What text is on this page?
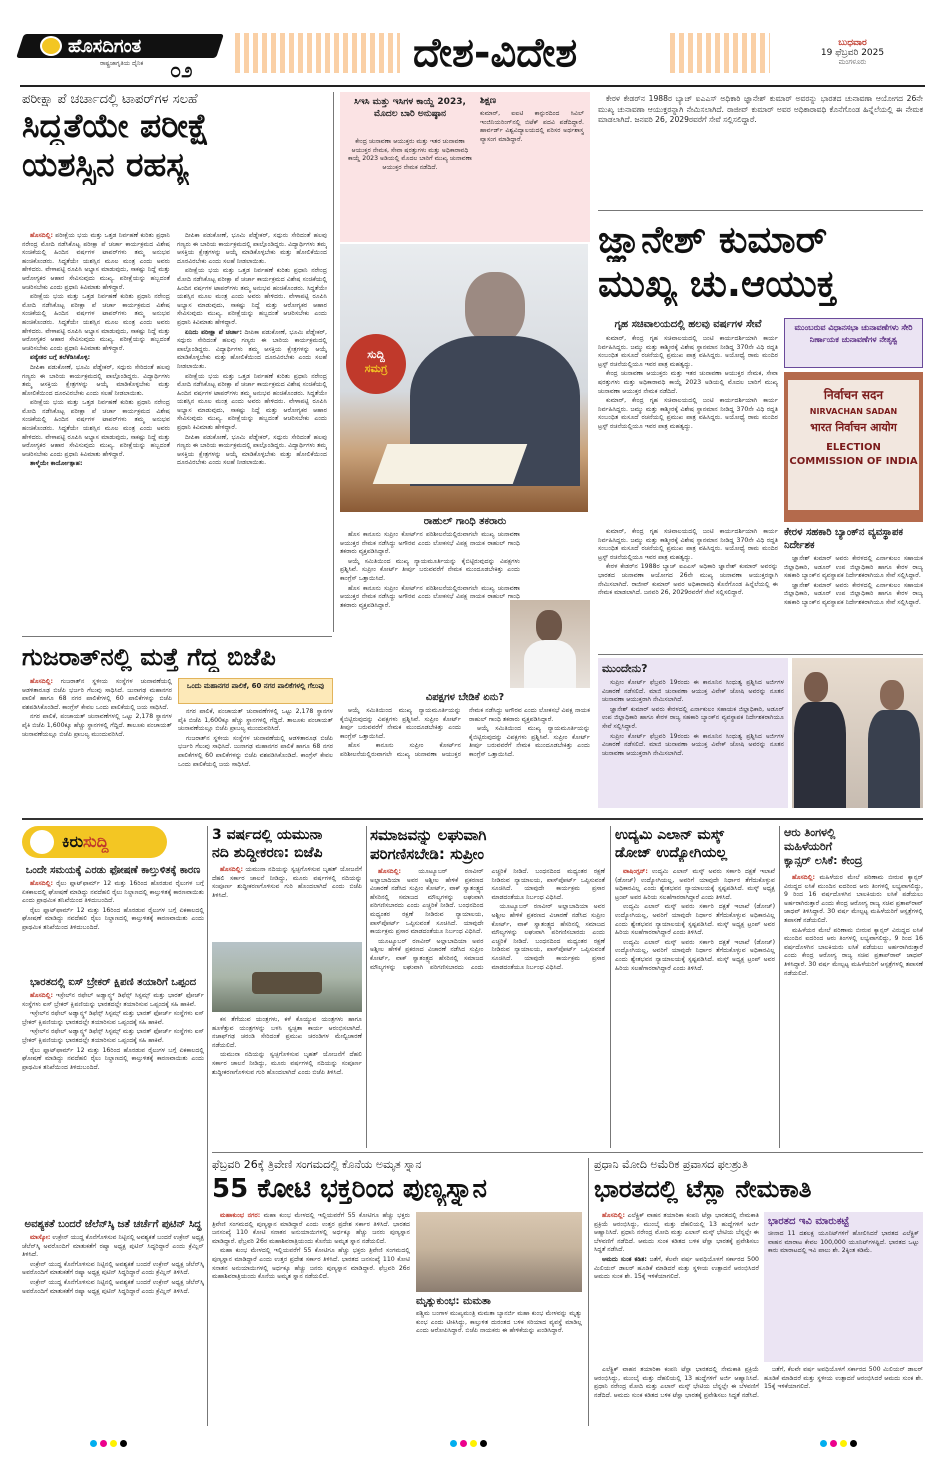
ಹೊಸದಿಗಂತ
ರಾಷ್ಟ್ರಜಾಗೃತಿಯ ದೈನಿಕ ೦೨	ದೇಶ-ವಿದೇಶ	ಬುಧವಾರ
19 ಫೆಬ್ರವರಿ 2025
ಮಂಗಳೂರು
ಪರೀಕ್ಷಾ ಪೆ ಚರ್ಚಾದಲ್ಲಿ ಟಾಪರ್‌ಗಳ ಸಲಹೆ
ಸಿದ್ಧತೆಯೇ ಪರೀಕ್ಷೆ
ಯಶಸ್ಸಿನ ರಹಸ್ಯ

ಹೊಸದಿಲ್ಲಿ: ಪರೀಕ್ಷೆಯ ಭಯ ಮತ್ತು ಒತ್ತಡ ನಿರ್ವಹಣೆ ಕುರಿತು ಪ್ರಧಾನಿ ನರೇಂದ್ರ ಮೋದಿ ನಡೆಸಿಕೊಟ್ಟ ಪರೀಕ್ಷಾ ಪೆ ಚರ್ಚಾ ಕಾರ್ಯಕ್ರಮದ ವಿಶೇಷ ಸಂಚಿಕೆಯಲ್ಲಿ ಹಿಂದಿನ ವರ್ಷಗಳ ಟಾಪರ್‌ಗಳು ತಮ್ಮ ಅನುಭವ ಹಂಚಿಕೊಂಡರು. ಸಿದ್ಧತೆಯೇ ಯಶಸ್ಸಿನ ಮೂಲ ಮಂತ್ರ ಎಂದು ಅವರು ಹೇಳಿದರು. ವೇಳಾಪಟ್ಟಿ ರೂಪಿಸಿ ಅಭ್ಯಾಸ ಮಾಡುವುದು, ಸಾಕಷ್ಟು ನಿದ್ದೆ ಮತ್ತು ಆರೋಗ್ಯಕರ ಆಹಾರ ಸೇವಿಸುವುದು ಮುಖ್ಯ. ಪರೀಕ್ಷೆಯನ್ನು ಹಬ್ಬದಂತೆ ಆಚರಿಸಬೇಕು ಎಂದು ಪ್ರಧಾನಿ ಕಿವಿಮಾತು ಹೇಳಿದ್ದಾರೆ.

ಪರೀಕ್ಷೆಯ ಭಯ ಮತ್ತು ಒತ್ತಡ ನಿರ್ವಹಣೆ ಕುರಿತು ಪ್ರಧಾನಿ ನರೇಂದ್ರ ಮೋದಿ ನಡೆಸಿಕೊಟ್ಟ ಪರೀಕ್ಷಾ ಪೆ ಚರ್ಚಾ ಕಾರ್ಯಕ್ರಮದ ವಿಶೇಷ ಸಂಚಿಕೆಯಲ್ಲಿ ಹಿಂದಿನ ವರ್ಷಗಳ ಟಾಪರ್‌ಗಳು ತಮ್ಮ ಅನುಭವ ಹಂಚಿಕೊಂಡರು. ಸಿದ್ಧತೆಯೇ ಯಶಸ್ಸಿನ ಮೂಲ ಮಂತ್ರ ಎಂದು ಅವರು ಹೇಳಿದರು. ವೇಳಾಪಟ್ಟಿ ರೂಪಿಸಿ ಅಭ್ಯಾಸ ಮಾಡುವುದು, ಸಾಕಷ್ಟು ನಿದ್ದೆ ಮತ್ತು ಆರೋಗ್ಯಕರ ಆಹಾರ ಸೇವಿಸುವುದು ಮುಖ್ಯ. ಪರೀಕ್ಷೆಯನ್ನು ಹಬ್ಬದಂತೆ ಆಚರಿಸಬೇಕು ಎಂದು ಪ್ರಧಾನಿ ಕಿವಿಮಾತು ಹೇಳಿದ್ದಾರೆ.

ಪಠ್ಯೇತರ ಬಗ್ಗೆ ತಲೆಕೆಡಿಸಿಕೊಳ್ಳಿ:

ದೀಪಿಕಾ ಪಡುಕೋಣೆ, ಭೂಮಿ ಪೆಡ್ನೇಕರ್, ಸದ್ಗುರು ಸೇರಿದಂತೆ ಹಲವು ಗಣ್ಯರು ಈ ಬಾರಿಯ ಕಾರ್ಯಕ್ರಮದಲ್ಲಿ ಪಾಲ್ಗೊಂಡಿದ್ದರು. ವಿದ್ಯಾರ್ಥಿಗಳು ತಮ್ಮ ಆಸಕ್ತಿಯ ಕ್ಷೇತ್ರಗಳನ್ನು ಆಯ್ಕೆ ಮಾಡಿಕೊಳ್ಳಬೇಕು ಮತ್ತು ಹೋಲಿಕೆಯಿಂದ ದೂರವಿರಬೇಕು ಎಂದು ಸಲಹೆ ನೀಡಲಾಯಿತು.

ಪರೀಕ್ಷೆಯ ಭಯ ಮತ್ತು ಒತ್ತಡ ನಿರ್ವಹಣೆ ಕುರಿತು ಪ್ರಧಾನಿ ನರೇಂದ್ರ ಮೋದಿ ನಡೆಸಿಕೊಟ್ಟ ಪರೀಕ್ಷಾ ಪೆ ಚರ್ಚಾ ಕಾರ್ಯಕ್ರಮದ ವಿಶೇಷ ಸಂಚಿಕೆಯಲ್ಲಿ ಹಿಂದಿನ ವರ್ಷಗಳ ಟಾಪರ್‌ಗಳು ತಮ್ಮ ಅನುಭವ ಹಂಚಿಕೊಂಡರು. ಸಿದ್ಧತೆಯೇ ಯಶಸ್ಸಿನ ಮೂಲ ಮಂತ್ರ ಎಂದು ಅವರು ಹೇಳಿದರು. ವೇಳಾಪಟ್ಟಿ ರೂಪಿಸಿ ಅಭ್ಯಾಸ ಮಾಡುವುದು, ಸಾಕಷ್ಟು ನಿದ್ದೆ ಮತ್ತು ಆರೋಗ್ಯಕರ ಆಹಾರ ಸೇವಿಸುವುದು ಮುಖ್ಯ. ಪರೀಕ್ಷೆಯನ್ನು ಹಬ್ಬದಂತೆ ಆಚರಿಸಬೇಕು ಎಂದು ಪ್ರಧಾನಿ ಕಿವಿಮಾತು ಹೇಳಿದ್ದಾರೆ.

ತಾಳ್ಮೆಯೇ ಕಾರ್ಯೋತ್ಸಾಹ:

ದೀಪಿಕಾ ಪಡುಕೋಣೆ, ಭೂಮಿ ಪೆಡ್ನೇಕರ್, ಸದ್ಗುರು ಸೇರಿದಂತೆ ಹಲವು ಗಣ್ಯರು ಈ ಬಾರಿಯ ಕಾರ್ಯಕ್ರಮದಲ್ಲಿ ಪಾಲ್ಗೊಂಡಿದ್ದರು. ವಿದ್ಯಾರ್ಥಿಗಳು ತಮ್ಮ ಆಸಕ್ತಿಯ ಕ್ಷೇತ್ರಗಳನ್ನು ಆಯ್ಕೆ ಮಾಡಿಕೊಳ್ಳಬೇಕು ಮತ್ತು ಹೋಲಿಕೆಯಿಂದ ದೂರವಿರಬೇಕು ಎಂದು ಸಲಹೆ ನೀಡಲಾಯಿತು.

ಪರೀಕ್ಷೆಯ ಭಯ ಮತ್ತು ಒತ್ತಡ ನಿರ್ವಹಣೆ ಕುರಿತು ಪ್ರಧಾನಿ ನರೇಂದ್ರ ಮೋದಿ ನಡೆಸಿಕೊಟ್ಟ ಪರೀಕ್ಷಾ ಪೆ ಚರ್ಚಾ ಕಾರ್ಯಕ್ರಮದ ವಿಶೇಷ ಸಂಚಿಕೆಯಲ್ಲಿ ಹಿಂದಿನ ವರ್ಷಗಳ ಟಾಪರ್‌ಗಳು ತಮ್ಮ ಅನುಭವ ಹಂಚಿಕೊಂಡರು. ಸಿದ್ಧತೆಯೇ ಯಶಸ್ಸಿನ ಮೂಲ ಮಂತ್ರ ಎಂದು ಅವರು ಹೇಳಿದರು. ವೇಳಾಪಟ್ಟಿ ರೂಪಿಸಿ ಅಭ್ಯಾಸ ಮಾಡುವುದು, ಸಾಕಷ್ಟು ನಿದ್ದೆ ಮತ್ತು ಆರೋಗ್ಯಕರ ಆಹಾರ ಸೇವಿಸುವುದು ಮುಖ್ಯ. ಪರೀಕ್ಷೆಯನ್ನು ಹಬ್ಬದಂತೆ ಆಚರಿಸಬೇಕು ಎಂದು ಪ್ರಧಾನಿ ಕಿವಿಮಾತು ಹೇಳಿದ್ದಾರೆ.

ಏನಿದು ಪರೀಕ್ಷಾ ಪೆ ಚರ್ಚಾ: ದೀಪಿಕಾ ಪಡುಕೋಣೆ, ಭೂಮಿ ಪೆಡ್ನೇಕರ್, ಸದ್ಗುರು ಸೇರಿದಂತೆ ಹಲವು ಗಣ್ಯರು ಈ ಬಾರಿಯ ಕಾರ್ಯಕ್ರಮದಲ್ಲಿ ಪಾಲ್ಗೊಂಡಿದ್ದರು. ವಿದ್ಯಾರ್ಥಿಗಳು ತಮ್ಮ ಆಸಕ್ತಿಯ ಕ್ಷೇತ್ರಗಳನ್ನು ಆಯ್ಕೆ ಮಾಡಿಕೊಳ್ಳಬೇಕು ಮತ್ತು ಹೋಲಿಕೆಯಿಂದ ದೂರವಿರಬೇಕು ಎಂದು ಸಲಹೆ ನೀಡಲಾಯಿತು.

ಪರೀಕ್ಷೆಯ ಭಯ ಮತ್ತು ಒತ್ತಡ ನಿರ್ವಹಣೆ ಕುರಿತು ಪ್ರಧಾನಿ ನರೇಂದ್ರ ಮೋದಿ ನಡೆಸಿಕೊಟ್ಟ ಪರೀಕ್ಷಾ ಪೆ ಚರ್ಚಾ ಕಾರ್ಯಕ್ರಮದ ವಿಶೇಷ ಸಂಚಿಕೆಯಲ್ಲಿ ಹಿಂದಿನ ವರ್ಷಗಳ ಟಾಪರ್‌ಗಳು ತಮ್ಮ ಅನುಭವ ಹಂಚಿಕೊಂಡರು. ಸಿದ್ಧತೆಯೇ ಯಶಸ್ಸಿನ ಮೂಲ ಮಂತ್ರ ಎಂದು ಅವರು ಹೇಳಿದರು. ವೇಳಾಪಟ್ಟಿ ರೂಪಿಸಿ ಅಭ್ಯಾಸ ಮಾಡುವುದು, ಸಾಕಷ್ಟು ನಿದ್ದೆ ಮತ್ತು ಆರೋಗ್ಯಕರ ಆಹಾರ ಸೇವಿಸುವುದು ಮುಖ್ಯ. ಪರೀಕ್ಷೆಯನ್ನು ಹಬ್ಬದಂತೆ ಆಚರಿಸಬೇಕು ಎಂದು ಪ್ರಧಾನಿ ಕಿವಿಮಾತು ಹೇಳಿದ್ದಾರೆ.

ದೀಪಿಕಾ ಪಡುಕೋಣೆ, ಭೂಮಿ ಪೆಡ್ನೇಕರ್, ಸದ್ಗುರು ಸೇರಿದಂತೆ ಹಲವು ಗಣ್ಯರು ಈ ಬಾರಿಯ ಕಾರ್ಯಕ್ರಮದಲ್ಲಿ ಪಾಲ್ಗೊಂಡಿದ್ದರು. ವಿದ್ಯಾರ್ಥಿಗಳು ತಮ್ಮ ಆಸಕ್ತಿಯ ಕ್ಷೇತ್ರಗಳನ್ನು ಆಯ್ಕೆ ಮಾಡಿಕೊಳ್ಳಬೇಕು ಮತ್ತು ಹೋಲಿಕೆಯಿಂದ ದೂರವಿರಬೇಕು ಎಂದು ಸಲಹೆ ನೀಡಲಾಯಿತು.

ಸಿಇಸಿ ಮತ್ತು ಇಸಿಗಳ ಕಾಯ್ದೆ 2023, ಮೊದಲ ಬಾರಿ ಅನುಷ್ಠಾನ
ಕೇಂದ್ರ ಚುನಾವಣಾ ಆಯುಕ್ತರು ಮತ್ತು ಇತರ ಚುನಾವಣಾ ಆಯುಕ್ತರ ನೇಮಕ, ಸೇವಾ ಷರತ್ತುಗಳು ಮತ್ತು ಅಧಿಕಾರಾವಧಿ ಕಾಯ್ದೆ 2023 ಅಡಿಯಲ್ಲಿ ಮೊದಲ ಬಾರಿಗೆ ಮುಖ್ಯ ಚುನಾವಣಾ ಆಯುಕ್ತರ ನೇಮಕ ನಡೆದಿದೆ.
ಶಿಕ್ಷಣ
ಕುಮಾರ್, ಐಐಟಿ ಕಾನ್ಪುರದಿಂದ ಸಿವಿಲ್ ಇಂಜಿನಿಯರಿಂಗ್‌ನಲ್ಲಿ ಬಿಟೆಕ್ ಪದವಿ ಪಡೆದಿದ್ದಾರೆ. ಹಾರ್ವರ್ಡ್ ವಿಶ್ವವಿದ್ಯಾಲಯದಲ್ಲಿ ಪರಿಸರ ಅರ್ಥಶಾಸ್ತ್ರ ವ್ಯಾಸಂಗ ಮಾಡಿದ್ದಾರೆ.

ಕೇರಳ ಕೇಡರ್‌ನ 1988ರ ಬ್ಯಾಚ್ ಐಎಎಸ್ ಅಧಿಕಾರಿ ಜ್ಞಾನೇಶ್ ಕುಮಾರ್ ಅವರನ್ನು ಭಾರತದ ಚುನಾವಣಾ ಆಯೋಗದ 26ನೇ ಮುಖ್ಯ ಚುನಾವಣಾ ಆಯುಕ್ತರನ್ನಾಗಿ ನೇಮಿಸಲಾಗಿದೆ. ರಾಜೀವ್ ಕುಮಾರ್ ಅವರ ಅಧಿಕಾರಾವಧಿ ಕೊನೆಗೊಂಡ ಹಿನ್ನೆಲೆಯಲ್ಲಿ ಈ ನೇಮಕ ಮಾಡಲಾಗಿದೆ. ಜನವರಿ 26, 2029ರವರೆಗೆ ಸೇವೆ ಸಲ್ಲಿಸಲಿದ್ದಾರೆ.

ಜ್ಞಾನೇಶ್ ಕುಮಾರ್
ಮುಖ್ಯ ಚು.ಆಯುಕ್ತ
ಸುದ್ದಿ
ಸಮಗ್ರ
ಗೃಹ ಸಚಿವಾಲಯದಲ್ಲಿ ಹಲವು ವರ್ಷಗಳ ಸೇವೆ

ಕುಮಾರ್, ಕೇಂದ್ರ ಗೃಹ ಸಚಿವಾಲಯದಲ್ಲಿ ಜಂಟಿ ಕಾರ್ಯದರ್ಶಿಯಾಗಿ ಕಾರ್ಯ ನಿರ್ವಹಿಸಿದ್ದರು. ಜಮ್ಮು ಮತ್ತು ಕಾಶ್ಮೀರಕ್ಕೆ ವಿಶೇಷ ಸ್ಥಾನಮಾನ ನೀಡಿದ್ದ 370ನೇ ವಿಧಿ ರದ್ದತಿ ಸಂಬಂಧಿತ ಮಸೂದೆ ರಚನೆಯಲ್ಲಿ ಪ್ರಮುಖ ಪಾತ್ರ ವಹಿಸಿದ್ದರು. ಅಯೋಧ್ಯೆ ರಾಮ ಮಂದಿರ ಟ್ರಸ್ಟ್ ರಚನೆಯಲ್ಲಿಯೂ ಇವರ ಪಾತ್ರ ಮಹತ್ವದ್ದು.

ಕೇಂದ್ರ ಚುನಾವಣಾ ಆಯುಕ್ತರು ಮತ್ತು ಇತರ ಚುನಾವಣಾ ಆಯುಕ್ತರ ನೇಮಕ, ಸೇವಾ ಷರತ್ತುಗಳು ಮತ್ತು ಅಧಿಕಾರಾವಧಿ ಕಾಯ್ದೆ 2023 ಅಡಿಯಲ್ಲಿ ಮೊದಲ ಬಾರಿಗೆ ಮುಖ್ಯ ಚುನಾವಣಾ ಆಯುಕ್ತರ ನೇಮಕ ನಡೆದಿದೆ.

ಕುಮಾರ್, ಕೇಂದ್ರ ಗೃಹ ಸಚಿವಾಲಯದಲ್ಲಿ ಜಂಟಿ ಕಾರ್ಯದರ್ಶಿಯಾಗಿ ಕಾರ್ಯ ನಿರ್ವಹಿಸಿದ್ದರು. ಜಮ್ಮು ಮತ್ತು ಕಾಶ್ಮೀರಕ್ಕೆ ವಿಶೇಷ ಸ್ಥಾನಮಾನ ನೀಡಿದ್ದ 370ನೇ ವಿಧಿ ರದ್ದತಿ ಸಂಬಂಧಿತ ಮಸೂದೆ ರಚನೆಯಲ್ಲಿ ಪ್ರಮುಖ ಪಾತ್ರ ವಹಿಸಿದ್ದರು. ಅಯೋಧ್ಯೆ ರಾಮ ಮಂದಿರ ಟ್ರಸ್ಟ್ ರಚನೆಯಲ್ಲಿಯೂ ಇವರ ಪಾತ್ರ ಮಹತ್ವದ್ದು.

ಮುಂಬರುವ ವಿಧಾನಸಭಾ ಚುನಾವಣೆಗಳು ಸೇರಿ ನಿರ್ಣಾಯಕ ಚುನಾವಣೆಗಳ ನೇತೃತ್ವ
निर्वाचन सदन
NIRVACHAN SADAN
भारत निर्वाचन आयोग
ELECTION COMMISSION OF INDIA
ರಾಹುಲ್ ಗಾಂಧಿ ತಕರಾರು

ಹೊಸ ಕಾನೂನು ಸುಪ್ರೀಂ ಕೋರ್ಟ್‌ನ ಪರಿಶೀಲನೆಯಲ್ಲಿರುವಾಗಲೇ ಮುಖ್ಯ ಚುನಾವಣಾ ಆಯುಕ್ತರ ನೇಮಕ ನಡೆಸಿದ್ದು ಅಗೌರವ ಎಂದು ಲೋಕಸಭೆ ವಿಪಕ್ಷ ನಾಯಕ ರಾಹುಲ್ ಗಾಂಧಿ ತಕರಾರು ವ್ಯಕ್ತಪಡಿಸಿದ್ದಾರೆ.

ಆಯ್ಕೆ ಸಮಿತಿಯಿಂದ ಮುಖ್ಯ ನ್ಯಾಯಮೂರ್ತಿಯನ್ನು ಕೈಬಿಟ್ಟಿರುವುದನ್ನು ವಿಪಕ್ಷಗಳು ಪ್ರಶ್ನಿಸಿವೆ. ಸುಪ್ರೀಂ ಕೋರ್ಟ್ ತೀರ್ಪು ಬರುವವರೆಗೆ ನೇಮಕ ಮುಂದೂಡಬೇಕಿತ್ತು ಎಂದು ಕಾಂಗ್ರೆಸ್ ಒತ್ತಾಯಿಸಿದೆ.

ಹೊಸ ಕಾನೂನು ಸುಪ್ರೀಂ ಕೋರ್ಟ್‌ನ ಪರಿಶೀಲನೆಯಲ್ಲಿರುವಾಗಲೇ ಮುಖ್ಯ ಚುನಾವಣಾ ಆಯುಕ್ತರ ನೇಮಕ ನಡೆಸಿದ್ದು ಅಗೌರವ ಎಂದು ಲೋಕಸಭೆ ವಿಪಕ್ಷ ನಾಯಕ ರಾಹುಲ್ ಗಾಂಧಿ ತಕರಾರು ವ್ಯಕ್ತಪಡಿಸಿದ್ದಾರೆ.

ವಿಪಕ್ಷಗಳ ಬೇಡಿಕೆ ಏನು?

ಆಯ್ಕೆ ಸಮಿತಿಯಿಂದ ಮುಖ್ಯ ನ್ಯಾಯಮೂರ್ತಿಯನ್ನು ಕೈಬಿಟ್ಟಿರುವುದನ್ನು ವಿಪಕ್ಷಗಳು ಪ್ರಶ್ನಿಸಿವೆ. ಸುಪ್ರೀಂ ಕೋರ್ಟ್ ತೀರ್ಪು ಬರುವವರೆಗೆ ನೇಮಕ ಮುಂದೂಡಬೇಕಿತ್ತು ಎಂದು ಕಾಂಗ್ರೆಸ್ ಒತ್ತಾಯಿಸಿದೆ.

ಹೊಸ ಕಾನೂನು ಸುಪ್ರೀಂ ಕೋರ್ಟ್‌ನ ಪರಿಶೀಲನೆಯಲ್ಲಿರುವಾಗಲೇ ಮುಖ್ಯ ಚುನಾವಣಾ ಆಯುಕ್ತರ ನೇಮಕ ನಡೆಸಿದ್ದು ಅಗೌರವ ಎಂದು ಲೋಕಸಭೆ ವಿಪಕ್ಷ ನಾಯಕ ರಾಹುಲ್ ಗಾಂಧಿ ತಕರಾರು ವ್ಯಕ್ತಪಡಿಸಿದ್ದಾರೆ.

ಆಯ್ಕೆ ಸಮಿತಿಯಿಂದ ಮುಖ್ಯ ನ್ಯಾಯಮೂರ್ತಿಯನ್ನು ಕೈಬಿಟ್ಟಿರುವುದನ್ನು ವಿಪಕ್ಷಗಳು ಪ್ರಶ್ನಿಸಿವೆ. ಸುಪ್ರೀಂ ಕೋರ್ಟ್ ತೀರ್ಪು ಬರುವವರೆಗೆ ನೇಮಕ ಮುಂದೂಡಬೇಕಿತ್ತು ಎಂದು ಕಾಂಗ್ರೆಸ್ ಒತ್ತಾಯಿಸಿದೆ.

ಕುಮಾರ್, ಕೇಂದ್ರ ಗೃಹ ಸಚಿವಾಲಯದಲ್ಲಿ ಜಂಟಿ ಕಾರ್ಯದರ್ಶಿಯಾಗಿ ಕಾರ್ಯ ನಿರ್ವಹಿಸಿದ್ದರು. ಜಮ್ಮು ಮತ್ತು ಕಾಶ್ಮೀರಕ್ಕೆ ವಿಶೇಷ ಸ್ಥಾನಮಾನ ನೀಡಿದ್ದ 370ನೇ ವಿಧಿ ರದ್ದತಿ ಸಂಬಂಧಿತ ಮಸೂದೆ ರಚನೆಯಲ್ಲಿ ಪ್ರಮುಖ ಪಾತ್ರ ವಹಿಸಿದ್ದರು. ಅಯೋಧ್ಯೆ ರಾಮ ಮಂದಿರ ಟ್ರಸ್ಟ್ ರಚನೆಯಲ್ಲಿಯೂ ಇವರ ಪಾತ್ರ ಮಹತ್ವದ್ದು.

ಕೇರಳ ಕೇಡರ್‌ನ 1988ರ ಬ್ಯಾಚ್ ಐಎಎಸ್ ಅಧಿಕಾರಿ ಜ್ಞಾನೇಶ್ ಕುಮಾರ್ ಅವರನ್ನು ಭಾರತದ ಚುನಾವಣಾ ಆಯೋಗದ 26ನೇ ಮುಖ್ಯ ಚುನಾವಣಾ ಆಯುಕ್ತರನ್ನಾಗಿ ನೇಮಿಸಲಾಗಿದೆ. ರಾಜೀವ್ ಕುಮಾರ್ ಅವರ ಅಧಿಕಾರಾವಧಿ ಕೊನೆಗೊಂಡ ಹಿನ್ನೆಲೆಯಲ್ಲಿ ಈ ನೇಮಕ ಮಾಡಲಾಗಿದೆ. ಜನವರಿ 26, 2029ರವರೆಗೆ ಸೇವೆ ಸಲ್ಲಿಸಲಿದ್ದಾರೆ.

ಕೇರಳ ಸಹಕಾರಿ ಬ್ಯಾಂಕ್‌ನ ವ್ಯವಸ್ಥಾಪಕ ನಿರ್ದೇಶಕ

ಜ್ಞಾನೇಶ್ ಕುಮಾರ್ ಅವರು ಕೇರಳದಲ್ಲಿ ಎರ್ನಾಕುಲಂ ಸಹಾಯಕ ಜಿಲ್ಲಾಧಿಕಾರಿ, ಅಡೂರ್ ಉಪ ಜಿಲ್ಲಾಧಿಕಾರಿ ಹಾಗೂ ಕೇರಳ ರಾಜ್ಯ ಸಹಕಾರಿ ಬ್ಯಾಂಕ್‌ನ ವ್ಯವಸ್ಥಾಪಕ ನಿರ್ದೇಶಕರಾಗಿಯೂ ಸೇವೆ ಸಲ್ಲಿಸಿದ್ದಾರೆ.

ಜ್ಞಾನೇಶ್ ಕುಮಾರ್ ಅವರು ಕೇರಳದಲ್ಲಿ ಎರ್ನಾಕುಲಂ ಸಹಾಯಕ ಜಿಲ್ಲಾಧಿಕಾರಿ, ಅಡೂರ್ ಉಪ ಜಿಲ್ಲಾಧಿಕಾರಿ ಹಾಗೂ ಕೇರಳ ರಾಜ್ಯ ಸಹಕಾರಿ ಬ್ಯಾಂಕ್‌ನ ವ್ಯವಸ್ಥಾಪಕ ನಿರ್ದೇಶಕರಾಗಿಯೂ ಸೇವೆ ಸಲ್ಲಿಸಿದ್ದಾರೆ.

ಮುಂದೇನು?

ಸುಪ್ರೀಂ ಕೋರ್ಟ್ ಫೆಬ್ರವರಿ 19ರಂದು ಈ ಕಾನೂನಿನ ಸಿಂಧುತ್ವ ಪ್ರಶ್ನಿಸಿದ ಅರ್ಜಿಗಳ ವಿಚಾರಣೆ ನಡೆಸಲಿದೆ. ಮಾಜಿ ಚುನಾವಣಾ ಆಯುಕ್ತ ವಿವೇಕ್ ಜೋಷಿ ಅವರನ್ನು ನೂತನ ಚುನಾವಣಾ ಆಯುಕ್ತರಾಗಿ ನೇಮಿಸಲಾಗಿದೆ.

ಜ್ಞಾನೇಶ್ ಕುಮಾರ್ ಅವರು ಕೇರಳದಲ್ಲಿ ಎರ್ನಾಕುಲಂ ಸಹಾಯಕ ಜಿಲ್ಲಾಧಿಕಾರಿ, ಅಡೂರ್ ಉಪ ಜಿಲ್ಲಾಧಿಕಾರಿ ಹಾಗೂ ಕೇರಳ ರಾಜ್ಯ ಸಹಕಾರಿ ಬ್ಯಾಂಕ್‌ನ ವ್ಯವಸ್ಥಾಪಕ ನಿರ್ದೇಶಕರಾಗಿಯೂ ಸೇವೆ ಸಲ್ಲಿಸಿದ್ದಾರೆ.

ಸುಪ್ರೀಂ ಕೋರ್ಟ್ ಫೆಬ್ರವರಿ 19ರಂದು ಈ ಕಾನೂನಿನ ಸಿಂಧುತ್ವ ಪ್ರಶ್ನಿಸಿದ ಅರ್ಜಿಗಳ ವಿಚಾರಣೆ ನಡೆಸಲಿದೆ. ಮಾಜಿ ಚುನಾವಣಾ ಆಯುಕ್ತ ವಿವೇಕ್ ಜೋಷಿ ಅವರನ್ನು ನೂತನ ಚುನಾವಣಾ ಆಯುಕ್ತರಾಗಿ ನೇಮಿಸಲಾಗಿದೆ.

ಗುಜರಾತ್‌ನಲ್ಲಿ ಮತ್ತೆ ಗೆದ್ದ ಬಿಜೆಪಿ

ಹೊಸದಿಲ್ಲಿ: ಗುಜರಾತ್‌ನ ಸ್ಥಳೀಯ ಸಂಸ್ಥೆಗಳ ಚುನಾವಣೆಯಲ್ಲಿ ಆಡಳಿತಾರೂಢ ಬಿಜೆಪಿ ಭರ್ಜರಿ ಗೆಲುವು ಸಾಧಿಸಿದೆ. ಜುನಾಗಢ ಮಹಾನಗರ ಪಾಲಿಕೆ ಹಾಗೂ 68 ನಗರ ಪಾಲಿಕೆಗಳಲ್ಲಿ 60 ಪಾಲಿಕೆಗಳನ್ನು ಬಿಜೆಪಿ ವಶಪಡಿಸಿಕೊಂಡಿದೆ. ಕಾಂಗ್ರೆಸ್ ಕೇವಲ ಒಂದು ಪಾಲಿಕೆಯಲ್ಲಿ ಜಯ ಸಾಧಿಸಿದೆ.

ನಗರ ಪಾಲಿಕೆ, ಪಂಚಾಯತ್ ಚುನಾವಣೆಗಳಲ್ಲಿ ಒಟ್ಟು 2,178 ಸ್ಥಾನಗಳ ಪೈಕಿ ಬಿಜೆಪಿ 1,600ಕ್ಕೂ ಹೆಚ್ಚು ಸ್ಥಾನಗಳಲ್ಲಿ ಗೆದ್ದಿದೆ. ತಾಲೂಕು ಪಂಚಾಯತ್ ಚುನಾವಣೆಯಲ್ಲೂ ಬಿಜೆಪಿ ಪ್ರಾಬಲ್ಯ ಮುಂದುವರಿಸಿದೆ.

ಒಂದು ಮಹಾನಗರ ಪಾಲಿಕೆ, 60 ನಗರ ಪಾಲಿಕೆಗಳಲ್ಲಿ ಗೆಲುವು

ನಗರ ಪಾಲಿಕೆ, ಪಂಚಾಯತ್ ಚುನಾವಣೆಗಳಲ್ಲಿ ಒಟ್ಟು 2,178 ಸ್ಥಾನಗಳ ಪೈಕಿ ಬಿಜೆಪಿ 1,600ಕ್ಕೂ ಹೆಚ್ಚು ಸ್ಥಾನಗಳಲ್ಲಿ ಗೆದ್ದಿದೆ. ತಾಲೂಕು ಪಂಚಾಯತ್ ಚುನಾವಣೆಯಲ್ಲೂ ಬಿಜೆಪಿ ಪ್ರಾಬಲ್ಯ ಮುಂದುವರಿಸಿದೆ.

ಗುಜರಾತ್‌ನ ಸ್ಥಳೀಯ ಸಂಸ್ಥೆಗಳ ಚುನಾವಣೆಯಲ್ಲಿ ಆಡಳಿತಾರೂಢ ಬಿಜೆಪಿ ಭರ್ಜರಿ ಗೆಲುವು ಸಾಧಿಸಿದೆ. ಜುನಾಗಢ ಮಹಾನಗರ ಪಾಲಿಕೆ ಹಾಗೂ 68 ನಗರ ಪಾಲಿಕೆಗಳಲ್ಲಿ 60 ಪಾಲಿಕೆಗಳನ್ನು ಬಿಜೆಪಿ ವಶಪಡಿಸಿಕೊಂಡಿದೆ. ಕಾಂಗ್ರೆಸ್ ಕೇವಲ ಒಂದು ಪಾಲಿಕೆಯಲ್ಲಿ ಜಯ ಸಾಧಿಸಿದೆ.

ಕಿರುಸುದ್ದಿ
ಒಂದೇ ಸಮಯಕ್ಕೆ ಎರಡು ಫೋಷಣೆ ಕಾಲ್ತುಳಿತಕ್ಕೆ ಕಾರಣ

ಹೊಸದಿಲ್ಲಿ: ರೈಲು ಪ್ಲಾಟ್‌ಫಾರ್ಮ್ 12 ಮತ್ತು 16ರಿಂದ ಹೊರಡುವ ರೈಲುಗಳ ಬಗ್ಗೆ ಏಕಕಾಲದಲ್ಲಿ ಘೋಷಣೆ ಮಾಡಿದ್ದು ನವದೆಹಲಿ ರೈಲು ನಿಲ್ದಾಣದಲ್ಲಿ ಕಾಲ್ತುಳಿತಕ್ಕೆ ಕಾರಣವಾಯಿತು ಎಂದು ಪ್ರಾಥಮಿಕ ತನಿಖೆಯಿಂದ ತಿಳಿದುಬಂದಿದೆ.

ರೈಲು ಪ್ಲಾಟ್‌ಫಾರ್ಮ್ 12 ಮತ್ತು 16ರಿಂದ ಹೊರಡುವ ರೈಲುಗಳ ಬಗ್ಗೆ ಏಕಕಾಲದಲ್ಲಿ ಘೋಷಣೆ ಮಾಡಿದ್ದು ನವದೆಹಲಿ ರೈಲು ನಿಲ್ದಾಣದಲ್ಲಿ ಕಾಲ್ತುಳಿತಕ್ಕೆ ಕಾರಣವಾಯಿತು ಎಂದು ಪ್ರಾಥಮಿಕ ತನಿಖೆಯಿಂದ ತಿಳಿದುಬಂದಿದೆ.

ಭಾರತದಲ್ಲಿ ಐಸ್ ಬ್ರೇಕರ್ ಕ್ಷಿಪಣಿ ತಯಾರಿಗೆ ಒಪ್ಪಂದ

ಹೊಸದಿಲ್ಲಿ: ಇಸ್ರೇಲ್‌ನ ರಫೇಲ್ ಅಡ್ವಾನ್ಸ್ಡ್ ಡಿಫೆನ್ಸ್ ಸಿಸ್ಟಮ್ಸ್ ಮತ್ತು ಭಾರತ್ ಫೋರ್ಜ್ ಸಂಸ್ಥೆಗಳು ಐಸ್ ಬ್ರೇಕರ್ ಕ್ಷಿಪಣಿಯನ್ನು ಭಾರತದಲ್ಲೇ ತಯಾರಿಸುವ ಒಪ್ಪಂದಕ್ಕೆ ಸಹಿ ಹಾಕಿವೆ.

ಇಸ್ರೇಲ್‌ನ ರಫೇಲ್ ಅಡ್ವಾನ್ಸ್ಡ್ ಡಿಫೆನ್ಸ್ ಸಿಸ್ಟಮ್ಸ್ ಮತ್ತು ಭಾರತ್ ಫೋರ್ಜ್ ಸಂಸ್ಥೆಗಳು ಐಸ್ ಬ್ರೇಕರ್ ಕ್ಷಿಪಣಿಯನ್ನು ಭಾರತದಲ್ಲೇ ತಯಾರಿಸುವ ಒಪ್ಪಂದಕ್ಕೆ ಸಹಿ ಹಾಕಿವೆ.

ಇಸ್ರೇಲ್‌ನ ರಫೇಲ್ ಅಡ್ವಾನ್ಸ್ಡ್ ಡಿಫೆನ್ಸ್ ಸಿಸ್ಟಮ್ಸ್ ಮತ್ತು ಭಾರತ್ ಫೋರ್ಜ್ ಸಂಸ್ಥೆಗಳು ಐಸ್ ಬ್ರೇಕರ್ ಕ್ಷಿಪಣಿಯನ್ನು ಭಾರತದಲ್ಲೇ ತಯಾರಿಸುವ ಒಪ್ಪಂದಕ್ಕೆ ಸಹಿ ಹಾಕಿವೆ.

ರೈಲು ಪ್ಲಾಟ್‌ಫಾರ್ಮ್ 12 ಮತ್ತು 16ರಿಂದ ಹೊರಡುವ ರೈಲುಗಳ ಬಗ್ಗೆ ಏಕಕಾಲದಲ್ಲಿ ಘೋಷಣೆ ಮಾಡಿದ್ದು ನವದೆಹಲಿ ರೈಲು ನಿಲ್ದಾಣದಲ್ಲಿ ಕಾಲ್ತುಳಿತಕ್ಕೆ ಕಾರಣವಾಯಿತು ಎಂದು ಪ್ರಾಥಮಿಕ ತನಿಖೆಯಿಂದ ತಿಳಿದುಬಂದಿದೆ.

ಅವಶ್ಯಕತೆ ಬಂದರೆ ಜೆಲೆನ್‌ಸ್ಕಿ ಜತೆ ಚರ್ಚೆಗೆ ಪುಟಿನ್ ಸಿದ್ಧ

ಮಾಸ್ಕೋ: ಉಕ್ರೇನ್ ಯುದ್ಧ ಕೊನೆಗೊಳಿಸುವ ನಿಟ್ಟಿನಲ್ಲಿ ಅವಶ್ಯಕತೆ ಬಂದರೆ ಉಕ್ರೇನ್ ಅಧ್ಯಕ್ಷ ಜೆಲೆನ್‌ಸ್ಕಿ ಅವರೊಂದಿಗೆ ಮಾತುಕತೆಗೆ ರಷ್ಯಾ ಅಧ್ಯಕ್ಷ ಪುಟಿನ್ ಸಿದ್ಧರಿದ್ದಾರೆ ಎಂದು ಕ್ರೆಮ್ಲಿನ್ ತಿಳಿಸಿದೆ.

ಉಕ್ರೇನ್ ಯುದ್ಧ ಕೊನೆಗೊಳಿಸುವ ನಿಟ್ಟಿನಲ್ಲಿ ಅವಶ್ಯಕತೆ ಬಂದರೆ ಉಕ್ರೇನ್ ಅಧ್ಯಕ್ಷ ಜೆಲೆನ್‌ಸ್ಕಿ ಅವರೊಂದಿಗೆ ಮಾತುಕತೆಗೆ ರಷ್ಯಾ ಅಧ್ಯಕ್ಷ ಪುಟಿನ್ ಸಿದ್ಧರಿದ್ದಾರೆ ಎಂದು ಕ್ರೆಮ್ಲಿನ್ ತಿಳಿಸಿದೆ.

ಉಕ್ರೇನ್ ಯುದ್ಧ ಕೊನೆಗೊಳಿಸುವ ನಿಟ್ಟಿನಲ್ಲಿ ಅವಶ್ಯಕತೆ ಬಂದರೆ ಉಕ್ರೇನ್ ಅಧ್ಯಕ್ಷ ಜೆಲೆನ್‌ಸ್ಕಿ ಅವರೊಂದಿಗೆ ಮಾತುಕತೆಗೆ ರಷ್ಯಾ ಅಧ್ಯಕ್ಷ ಪುಟಿನ್ ಸಿದ್ಧರಿದ್ದಾರೆ ಎಂದು ಕ್ರೆಮ್ಲಿನ್ ತಿಳಿಸಿದೆ.

3 ವರ್ಷದಲ್ಲಿ ಯಮುನಾ
ನದಿ ಶುದ್ಧೀಕರಣ: ಬಿಜೆಪಿ

ಹೊಸದಿಲ್ಲಿ: ಯಮುನಾ ನದಿಯನ್ನು ಸ್ವಚ್ಛಗೊಳಿಸುವ ಬೃಹತ್ ಯೋಜನೆಗೆ ದೆಹಲಿ ಸರ್ಕಾರ ಚಾಲನೆ ನೀಡಿದ್ದು, ಮೂರು ವರ್ಷಗಳಲ್ಲಿ ನದಿಯನ್ನು ಸಂಪೂರ್ಣ ಶುದ್ಧೀಕರಣಗೊಳಿಸುವ ಗುರಿ ಹೊಂದಲಾಗಿದೆ ಎಂದು ಬಿಜೆಪಿ ತಿಳಿಸಿದೆ.

ಕಸ ತೆಗೆಯುವ ಯಂತ್ರಗಳು, ಕಳೆ ಕೊಯ್ಯುವ ಯಂತ್ರಗಳು ಹಾಗೂ ಹೂಳೆತ್ತುವ ಯಂತ್ರಗಳನ್ನು ಬಳಸಿ ಸ್ವಚ್ಛತಾ ಕಾರ್ಯ ಆರಂಭಿಸಲಾಗಿದೆ. ನಜಾಫ್‌ಗಢ ಚರಂಡಿ ಸೇರಿದಂತೆ ಪ್ರಮುಖ ಚರಂಡಿಗಳ ಮೇಲ್ವಿಚಾರಣೆ ನಡೆಯಲಿದೆ.

ಯಮುನಾ ನದಿಯನ್ನು ಸ್ವಚ್ಛಗೊಳಿಸುವ ಬೃಹತ್ ಯೋಜನೆಗೆ ದೆಹಲಿ ಸರ್ಕಾರ ಚಾಲನೆ ನೀಡಿದ್ದು, ಮೂರು ವರ್ಷಗಳಲ್ಲಿ ನದಿಯನ್ನು ಸಂಪೂರ್ಣ ಶುದ್ಧೀಕರಣಗೊಳಿಸುವ ಗುರಿ ಹೊಂದಲಾಗಿದೆ ಎಂದು ಬಿಜೆಪಿ ತಿಳಿಸಿದೆ.

ಸಮಾಜವನ್ನು ಲಘುವಾಗಿ
ಪರಿಗಣಿಸಬೇಡಿ: ಸುಪ್ರೀಂ

ಹೊಸದಿಲ್ಲಿ:	ಯೂಟ್ಯೂಬರ್ ರಣವೀರ್ ಅಲ್ಲಾಬಾದಿಯಾ ಅವರ ಅಶ್ಲೀಲ ಹೇಳಿಕೆ ಪ್ರಕರಣದ ವಿಚಾರಣೆ ನಡೆಸಿದ ಸುಪ್ರೀಂ ಕೋರ್ಟ್, ವಾಕ್ ಸ್ವಾತಂತ್ರ್ಯದ ಹೆಸರಿನಲ್ಲಿ ಸಮಾಜದ ಮೌಲ್ಯಗಳನ್ನು ಲಘುವಾಗಿ ಪರಿಗಣಿಸಬಾರದು ಎಂದು ಎಚ್ಚರಿಕೆ ನೀಡಿದೆ. ಬಂಧನದಿಂದ ಮಧ್ಯಂತರ ರಕ್ಷಣೆ ನೀಡಿರುವ ನ್ಯಾಯಾಲಯ, ಪಾಸ್‌ಪೋರ್ಟ್ ಒಪ್ಪಿಸುವಂತೆ ಸೂಚಿಸಿದೆ. ಯಾವುದೇ ಕಾರ್ಯಕ್ರಮ ಪ್ರಸಾರ ಮಾಡದಂತೆಯೂ ನಿರ್ಬಂಧ ವಿಧಿಸಿದೆ.

ಯೂಟ್ಯೂಬರ್ ರಣವೀರ್ ಅಲ್ಲಾಬಾದಿಯಾ ಅವರ ಅಶ್ಲೀಲ ಹೇಳಿಕೆ ಪ್ರಕರಣದ ವಿಚಾರಣೆ ನಡೆಸಿದ ಸುಪ್ರೀಂ ಕೋರ್ಟ್, ವಾಕ್ ಸ್ವಾತಂತ್ರ್ಯದ ಹೆಸರಿನಲ್ಲಿ ಸಮಾಜದ ಮೌಲ್ಯಗಳನ್ನು ಲಘುವಾಗಿ ಪರಿಗಣಿಸಬಾರದು ಎಂದು ಎಚ್ಚರಿಕೆ ನೀಡಿದೆ. ಬಂಧನದಿಂದ ಮಧ್ಯಂತರ ರಕ್ಷಣೆ ನೀಡಿರುವ ನ್ಯಾಯಾಲಯ, ಪಾಸ್‌ಪೋರ್ಟ್ ಒಪ್ಪಿಸುವಂತೆ ಸೂಚಿಸಿದೆ. ಯಾವುದೇ ಕಾರ್ಯಕ್ರಮ ಪ್ರಸಾರ ಮಾಡದಂತೆಯೂ ನಿರ್ಬಂಧ ವಿಧಿಸಿದೆ.

ಯೂಟ್ಯೂಬರ್ ರಣವೀರ್ ಅಲ್ಲಾಬಾದಿಯಾ ಅವರ ಅಶ್ಲೀಲ ಹೇಳಿಕೆ ಪ್ರಕರಣದ ವಿಚಾರಣೆ ನಡೆಸಿದ ಸುಪ್ರೀಂ ಕೋರ್ಟ್, ವಾಕ್ ಸ್ವಾತಂತ್ರ್ಯದ ಹೆಸರಿನಲ್ಲಿ ಸಮಾಜದ ಮೌಲ್ಯಗಳನ್ನು ಲಘುವಾಗಿ ಪರಿಗಣಿಸಬಾರದು ಎಂದು ಎಚ್ಚರಿಕೆ ನೀಡಿದೆ. ಬಂಧನದಿಂದ ಮಧ್ಯಂತರ ರಕ್ಷಣೆ ನೀಡಿರುವ ನ್ಯಾಯಾಲಯ, ಪಾಸ್‌ಪೋರ್ಟ್ ಒಪ್ಪಿಸುವಂತೆ ಸೂಚಿಸಿದೆ. ಯಾವುದೇ ಕಾರ್ಯಕ್ರಮ ಪ್ರಸಾರ ಮಾಡದಂತೆಯೂ ನಿರ್ಬಂಧ ವಿಧಿಸಿದೆ.

ಉದ್ಯಮಿ ಎಲಾನ್ ಮಸ್ಕ್
ಡೋಜ್ ಉದ್ಯೋಗಿಯಲ್ಲ

ವಾಷಿಂಗ್ಟನ್: ಉದ್ಯಮಿ ಎಲಾನ್ ಮಸ್ಕ್ ಅವರು ಸರ್ಕಾರಿ ದಕ್ಷತೆ ಇಲಾಖೆ (ಡೋಜ್) ಉದ್ಯೋಗಿಯಲ್ಲ, ಅವರಿಗೆ ಯಾವುದೇ ನಿರ್ಧಾರ ತೆಗೆದುಕೊಳ್ಳುವ ಅಧಿಕಾರವಿಲ್ಲ ಎಂದು ಶ್ವೇತಭವನ ನ್ಯಾಯಾಲಯಕ್ಕೆ ಸ್ಪಷ್ಟಪಡಿಸಿದೆ. ಮಸ್ಕ್ ಅಧ್ಯಕ್ಷ ಟ್ರಂಪ್ ಅವರ ಹಿರಿಯ ಸಲಹೆಗಾರರಾಗಿದ್ದಾರೆ ಎಂದು ತಿಳಿಸಿದೆ.

ಉದ್ಯಮಿ ಎಲಾನ್ ಮಸ್ಕ್ ಅವರು ಸರ್ಕಾರಿ ದಕ್ಷತೆ ಇಲಾಖೆ (ಡೋಜ್) ಉದ್ಯೋಗಿಯಲ್ಲ, ಅವರಿಗೆ ಯಾವುದೇ ನಿರ್ಧಾರ ತೆಗೆದುಕೊಳ್ಳುವ ಅಧಿಕಾರವಿಲ್ಲ ಎಂದು ಶ್ವೇತಭವನ ನ್ಯಾಯಾಲಯಕ್ಕೆ ಸ್ಪಷ್ಟಪಡಿಸಿದೆ. ಮಸ್ಕ್ ಅಧ್ಯಕ್ಷ ಟ್ರಂಪ್ ಅವರ ಹಿರಿಯ ಸಲಹೆಗಾರರಾಗಿದ್ದಾರೆ ಎಂದು ತಿಳಿಸಿದೆ.

ಉದ್ಯಮಿ ಎಲಾನ್ ಮಸ್ಕ್ ಅವರು ಸರ್ಕಾರಿ ದಕ್ಷತೆ ಇಲಾಖೆ (ಡೋಜ್) ಉದ್ಯೋಗಿಯಲ್ಲ, ಅವರಿಗೆ ಯಾವುದೇ ನಿರ್ಧಾರ ತೆಗೆದುಕೊಳ್ಳುವ ಅಧಿಕಾರವಿಲ್ಲ ಎಂದು ಶ್ವೇತಭವನ ನ್ಯಾಯಾಲಯಕ್ಕೆ ಸ್ಪಷ್ಟಪಡಿಸಿದೆ. ಮಸ್ಕ್ ಅಧ್ಯಕ್ಷ ಟ್ರಂಪ್ ಅವರ ಹಿರಿಯ ಸಲಹೆಗಾರರಾಗಿದ್ದಾರೆ ಎಂದು ತಿಳಿಸಿದೆ.

ಆರು ತಿಂಗಳಲ್ಲಿ
ಮಹಿಳೆಯರಿಗೆ
ಕ್ಯಾನ್ಸರ್ ಲಸಿಕೆ: ಕೇಂದ್ರ

ಹೊಸದಿಲ್ಲಿ: ಮಹಿಳೆಯರ ಮೇಲೆ ಪರಿಣಾಮ ಬೀರುವ ಕ್ಯಾನ್ಸರ್ ವಿರುದ್ಧದ ಲಸಿಕೆ ಮುಂದಿನ ಐದರಿಂದ ಆರು ತಿಂಗಳಲ್ಲಿ ಲಭ್ಯವಾಗಲಿದ್ದು, 9 ರಿಂದ 16 ವರ್ಷದೊಳಗಿನ ಬಾಲಕಿಯರು ಲಸಿಕೆ ಪಡೆಯಲು ಅರ್ಹರಾಗಿರುತ್ತಾರೆ ಎಂದು ಕೇಂದ್ರ ಆರೋಗ್ಯ ರಾಜ್ಯ ಸಚಿವ ಪ್ರತಾಪ್‌ರಾವ್ ಜಾಧವ್ ತಿಳಿಸಿದ್ದಾರೆ. 30 ವರ್ಷ ಮೇಲ್ಪಟ್ಟ ಮಹಿಳೆಯರಿಗೆ ಆಸ್ಪತ್ರೆಗಳಲ್ಲಿ ತಪಾಸಣೆ ನಡೆಯಲಿದೆ.

ಮಹಿಳೆಯರ ಮೇಲೆ ಪರಿಣಾಮ ಬೀರುವ ಕ್ಯಾನ್ಸರ್ ವಿರುದ್ಧದ ಲಸಿಕೆ ಮುಂದಿನ ಐದರಿಂದ ಆರು ತಿಂಗಳಲ್ಲಿ ಲಭ್ಯವಾಗಲಿದ್ದು, 9 ರಿಂದ 16 ವರ್ಷದೊಳಗಿನ ಬಾಲಕಿಯರು ಲಸಿಕೆ ಪಡೆಯಲು ಅರ್ಹರಾಗಿರುತ್ತಾರೆ ಎಂದು ಕೇಂದ್ರ ಆರೋಗ್ಯ ರಾಜ್ಯ ಸಚಿವ ಪ್ರತಾಪ್‌ರಾವ್ ಜಾಧವ್ ತಿಳಿಸಿದ್ದಾರೆ. 30 ವರ್ಷ ಮೇಲ್ಪಟ್ಟ ಮಹಿಳೆಯರಿಗೆ ಆಸ್ಪತ್ರೆಗಳಲ್ಲಿ ತಪಾಸಣೆ ನಡೆಯಲಿದೆ.

ಫೆಬ್ರವರಿ 26ಕ್ಕೆ ತ್ರಿವೇಣಿ ಸಂಗಮದಲ್ಲಿ ಕೊನೆಯ ಅಮೃತ ಸ್ನಾನ
55 ಕೋಟಿ ಭಕ್ತರಿಂದ ಪುಣ್ಯಸ್ನಾನ

ಮಹಾಕುಂಭ ನಗರ: ಮಹಾ ಕುಂಭ ಮೇಳದಲ್ಲಿ ಇಲ್ಲಿಯವರೆಗೆ 55 ಕೋಟಿಗೂ ಹೆಚ್ಚು ಭಕ್ತರು ತ್ರಿವೇಣಿ ಸಂಗಮದಲ್ಲಿ ಪುಣ್ಯಸ್ನಾನ ಮಾಡಿದ್ದಾರೆ ಎಂದು ಉತ್ತರ ಪ್ರದೇಶ ಸರ್ಕಾರ ತಿಳಿಸಿದೆ. ಭಾರತದ ಜನಸಂಖ್ಯೆ 110 ಕೋಟಿ ಸನಾತನ ಅನುಯಾಯಿಗಳಲ್ಲಿ ಅರ್ಧಕ್ಕೂ ಹೆಚ್ಚು ಜನರು ಪುಣ್ಯಸ್ನಾನ ಮಾಡಿದ್ದಾರೆ. ಫೆಬ್ರವರಿ 26ರ ಮಹಾಶಿವರಾತ್ರಿಯಂದು ಕೊನೆಯ ಅಮೃತ ಸ್ನಾನ ನಡೆಯಲಿದೆ.

ಮಹಾ ಕುಂಭ ಮೇಳದಲ್ಲಿ ಇಲ್ಲಿಯವರೆಗೆ 55 ಕೋಟಿಗೂ ಹೆಚ್ಚು ಭಕ್ತರು ತ್ರಿವೇಣಿ ಸಂಗಮದಲ್ಲಿ ಪುಣ್ಯಸ್ನಾನ ಮಾಡಿದ್ದಾರೆ ಎಂದು ಉತ್ತರ ಪ್ರದೇಶ ಸರ್ಕಾರ ತಿಳಿಸಿದೆ. ಭಾರತದ ಜನಸಂಖ್ಯೆ 110 ಕೋಟಿ ಸನಾತನ ಅನುಯಾಯಿಗಳಲ್ಲಿ ಅರ್ಧಕ್ಕೂ ಹೆಚ್ಚು ಜನರು ಪುಣ್ಯಸ್ನಾನ ಮಾಡಿದ್ದಾರೆ. ಫೆಬ್ರವರಿ 26ರ ಮಹಾಶಿವರಾತ್ರಿಯಂದು ಕೊನೆಯ ಅಮೃತ ಸ್ನಾನ ನಡೆಯಲಿದೆ.

ಮೃತ್ಯುಕುಂಭ: ಮಮತಾ
ಪಶ್ಚಿಮ ಬಂಗಾಳ ಮುಖ್ಯಮಂತ್ರಿ ಮಮತಾ ಬ್ಯಾನರ್ಜಿ ಮಹಾ ಕುಂಭ ಮೇಳವನ್ನು ಮೃತ್ಯು ಕುಂಭ ಎಂದು ಟೀಕಿಸಿದ್ದು, ಕಾಲ್ತುಳಿತ ದುರಂತದ ಬಳಿಕ ಸರಿಯಾದ ವ್ಯವಸ್ಥೆ ಮಾಡಿಲ್ಲ ಎಂದು ಆರೋಪಿಸಿದ್ದಾರೆ. ಬಿಜೆಪಿ ನಾಯಕರು ಈ ಹೇಳಿಕೆಯನ್ನು ಖಂಡಿಸಿದ್ದಾರೆ.
ಪ್ರಧಾನಿ ಮೋದಿ ಅಮೆರಿಕ ಪ್ರವಾಸದ ಫಲಶ್ರುತಿ
ಭಾರತದಲ್ಲಿ ಟೆಸ್ಲಾ ನೇಮಕಾತಿ

ಹೊಸದಿಲ್ಲಿ: ಎಲೆಕ್ಟ್ರಿಕ್ ವಾಹನ ತಯಾರಿಕಾ ಕಂಪನಿ ಟೆಸ್ಲಾ ಭಾರತದಲ್ಲಿ ನೇಮಕಾತಿ ಪ್ರಕ್ರಿಯೆ ಆರಂಭಿಸಿದ್ದು, ಮುಂಬೈ ಮತ್ತು ದೆಹಲಿಯಲ್ಲಿ 13 ಹುದ್ದೆಗಳಿಗೆ ಅರ್ಜಿ ಆಹ್ವಾನಿಸಿದೆ. ಪ್ರಧಾನಿ ನರೇಂದ್ರ ಮೋದಿ ಮತ್ತು ಎಲಾನ್ ಮಸ್ಕ್ ಭೇಟಿಯ ಬೆನ್ನಲ್ಲೇ ಈ ಬೆಳವಣಿಗೆ ನಡೆದಿದೆ. ಆಮದು ಸುಂಕ ಕಡಿತದ ಬಳಿಕ ಟೆಸ್ಲಾ ಭಾರತಕ್ಕೆ ಪ್ರವೇಶಿಸಲು ಸಿದ್ಧತೆ ನಡೆಸಿದೆ.

ಆಮದು ಸುಂಕ ಕಡಿತ: ಜತೆಗೆ, ಕೆಲವೇ ವರ್ಷ ಅವಧಿಯೊಳಗೆ ಸರ್ಕಾರದ 500 ಮಿಲಿಯನ್ ಡಾಲರ್ ಹೂಡಿಕೆ ಮಾಡಿದರೆ ಮತ್ತು ಸ್ಥಳೀಯ ಉತ್ಪಾದನೆ ಆರಂಭಿಸಿದರೆ ಆಮದು ಸುಂಕ ಶೇ. 15ಕ್ಕೆ ಇಳಿಕೆಯಾಗಲಿದೆ.

ಭಾರತದ ಇವಿ ಮಾರುಕಟ್ಟೆ
ಚೀನಾದ 11 ದಶಲಕ್ಷ ಯೂನಿಟ್‌ಗಳಿಗೆ ಹೋಲಿಸಿದರೆ ಭಾರತದ ಎಲೆಕ್ಟ್ರಿಕ್ ವಾಹನ ಮಾರಾಟ ಕೇವಲ 100,000 ಯೂನಿಟ್‌ಗಳಷ್ಟಿದೆ. ಭಾರತದ ಒಟ್ಟು ಕಾರು ಮಾರಾಟದಲ್ಲಿ ಇವಿ ಪಾಲು ಶೇ. 2ಕ್ಕಿಂತ ಕಡಿಮೆ.

ಜತೆಗೆ, ಕೆಲವೇ ವರ್ಷ ಅವಧಿಯೊಳಗೆ ಸರ್ಕಾರದ 500 ಮಿಲಿಯನ್ ಡಾಲರ್ ಹೂಡಿಕೆ ಮಾಡಿದರೆ ಮತ್ತು ಸ್ಥಳೀಯ ಉತ್ಪಾದನೆ ಆರಂಭಿಸಿದರೆ ಆಮದು ಸುಂಕ ಶೇ. 15ಕ್ಕೆ ಇಳಿಕೆಯಾಗಲಿದೆ.

ಎಲೆಕ್ಟ್ರಿಕ್ ವಾಹನ ತಯಾರಿಕಾ ಕಂಪನಿ ಟೆಸ್ಲಾ ಭಾರತದಲ್ಲಿ ನೇಮಕಾತಿ ಪ್ರಕ್ರಿಯೆ ಆರಂಭಿಸಿದ್ದು, ಮುಂಬೈ ಮತ್ತು ದೆಹಲಿಯಲ್ಲಿ 13 ಹುದ್ದೆಗಳಿಗೆ ಅರ್ಜಿ ಆಹ್ವಾನಿಸಿದೆ. ಪ್ರಧಾನಿ ನರೇಂದ್ರ ಮೋದಿ ಮತ್ತು ಎಲಾನ್ ಮಸ್ಕ್ ಭೇಟಿಯ ಬೆನ್ನಲ್ಲೇ ಈ ಬೆಳವಣಿಗೆ ನಡೆದಿದೆ. ಆಮದು ಸುಂಕ ಕಡಿತದ ಬಳಿಕ ಟೆಸ್ಲಾ ಭಾರತಕ್ಕೆ ಪ್ರವೇಶಿಸಲು ಸಿದ್ಧತೆ ನಡೆಸಿದೆ.
